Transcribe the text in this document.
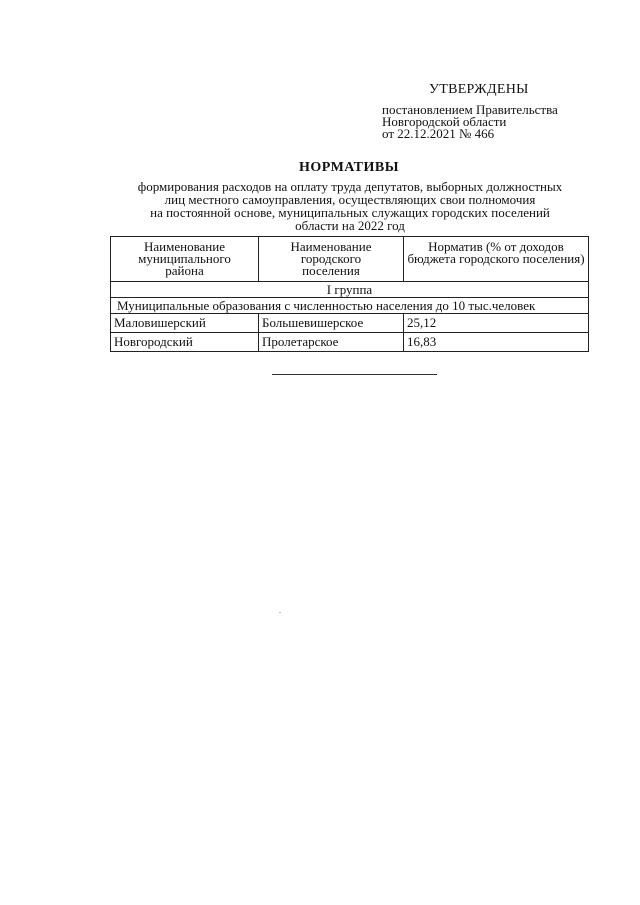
УТВЕРЖДЕНЫ
постановлением Правительства
Новгородской области
от 22.12.2021 № 466
НОРМАТИВЫ
формирования расходов на оплату труда депутатов, выборных должностных
лиц местного самоуправления, осуществляющих свои полномочия
на постоянной основе, муниципальных служащих городских поселений
области на 2022 год
Наименование муниципального района	Наименование городского поселения	Норматив (% от доходов бюджета городского поселения)
I группа		
Муниципальные образования с численностью населения до 10 тыс.человек		
Маловишерский	Большевишерское	25,12
Новгородский	Пролетарское	16,83
